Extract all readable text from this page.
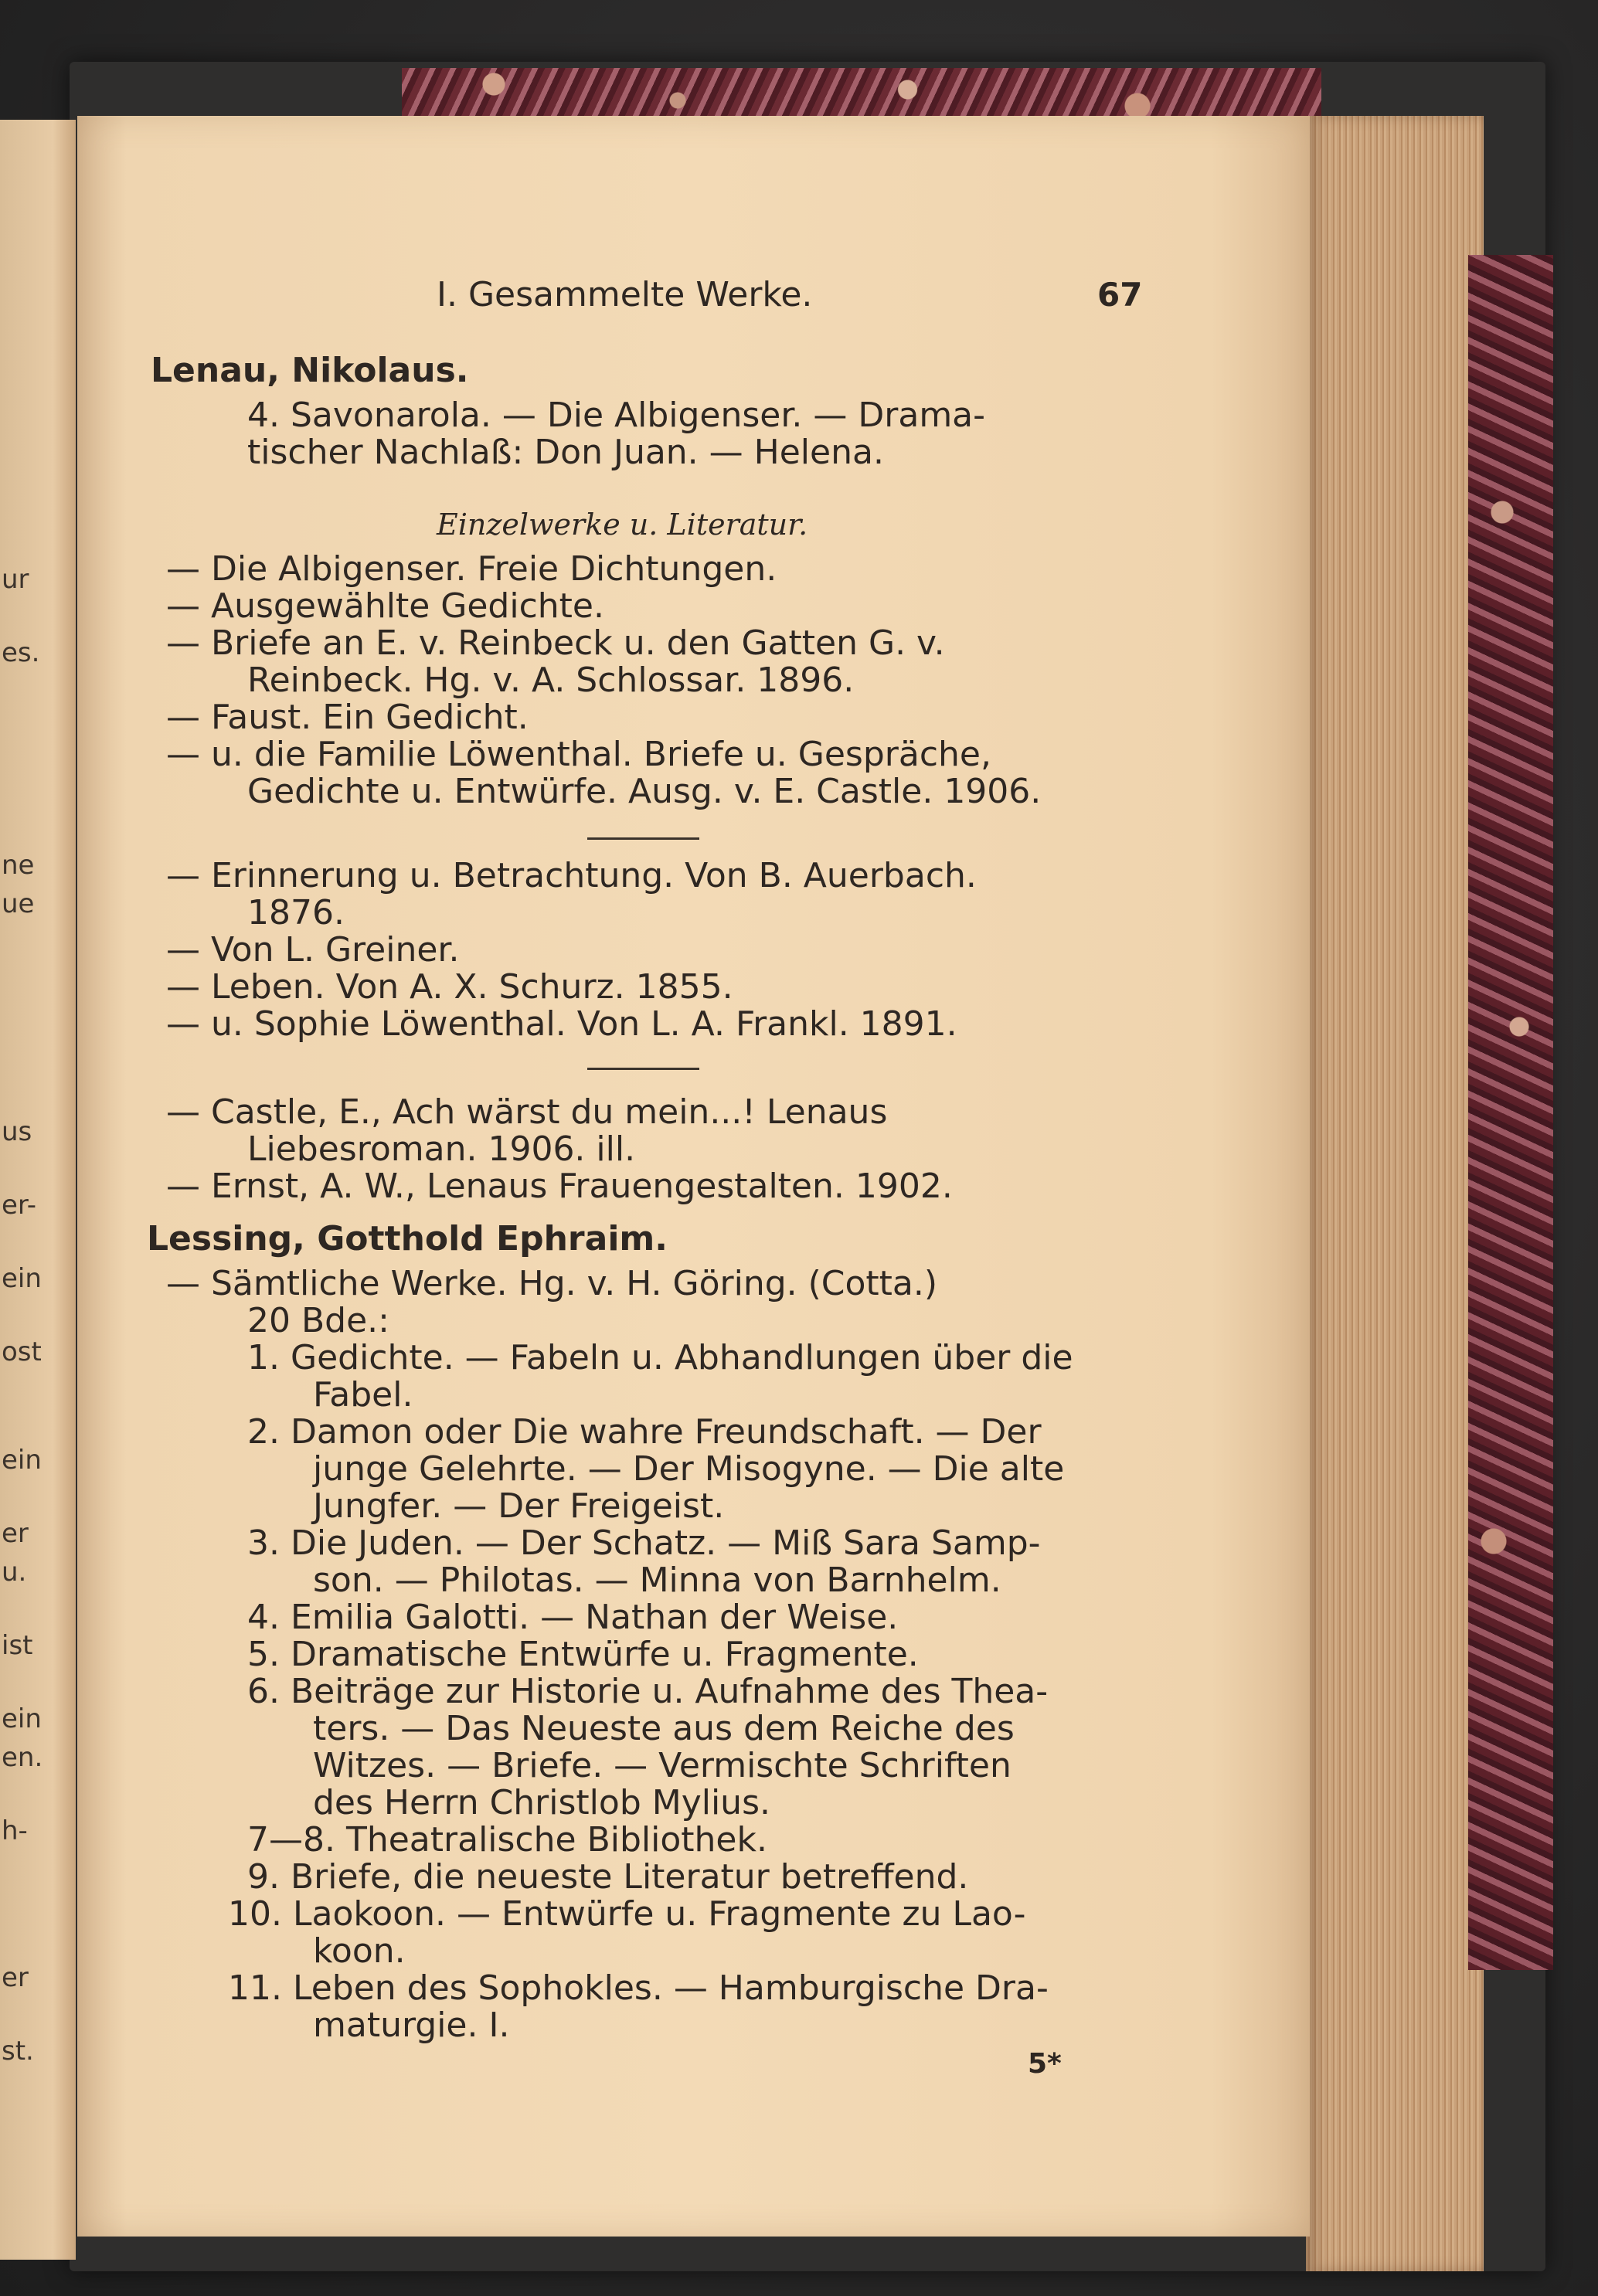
ur
es.
ne
ue
us
er-
ein
ost
ein
er
u.
ist
ein
en.
h-
er
st.
I. Gesammelte Werke.	67
Lenau, Nikolaus.
4. Savonarola. — Die Albigenser. — Drama-
tischer Nachlaß: Don Juan. — Helena.
Einzelwerke u. Literatur.
— Die Albigenser. Freie Dichtungen.
— Ausgewählte Gedichte.
— Briefe an E. v. Reinbeck u. den Gatten G. v.
Reinbeck. Hg. v. A. Schlossar. 1896.
— Faust. Ein Gedicht.
— u. die Familie Löwenthal. Briefe u. Gespräche,
Gedichte u. Entwürfe. Ausg. v. E. Castle. 1906.
— Erinnerung u. Betrachtung. Von B. Auerbach.
1876.
— Von L. Greiner.
— Leben. Von A. X. Schurz. 1855.
— u. Sophie Löwenthal. Von L. A. Frankl. 1891.
— Castle, E., Ach wärst du mein...! Lenaus
Liebesroman. 1906. ill.
— Ernst, A. W., Lenaus Frauengestalten. 1902.
Lessing, Gotthold Ephraim.
— Sämtliche Werke. Hg. v. H. Göring. (Cotta.)
20 Bde.:
1. Gedichte. — Fabeln u. Abhandlungen über die
Fabel.
2. Damon oder Die wahre Freundschaft. — Der
junge Gelehrte. — Der Misogyne. — Die alte
Jungfer. — Der Freigeist.
3. Die Juden. — Der Schatz. — Miß Sara Samp-
son. — Philotas. — Minna von Barnhelm.
4. Emilia Galotti. — Nathan der Weise.
5. Dramatische Entwürfe u. Fragmente.
6. Beiträge zur Historie u. Aufnahme des Thea-
ters. — Das Neueste aus dem Reiche des
Witzes. — Briefe. — Vermischte Schriften
des Herrn Christlob Mylius.
7—8. Theatralische Bibliothek.
9. Briefe, die neueste Literatur betreffend.
10. Laokoon. — Entwürfe u. Fragmente zu Lao-
koon.
11. Leben des Sophokles. — Hamburgische Dra-
maturgie. I.
5*
